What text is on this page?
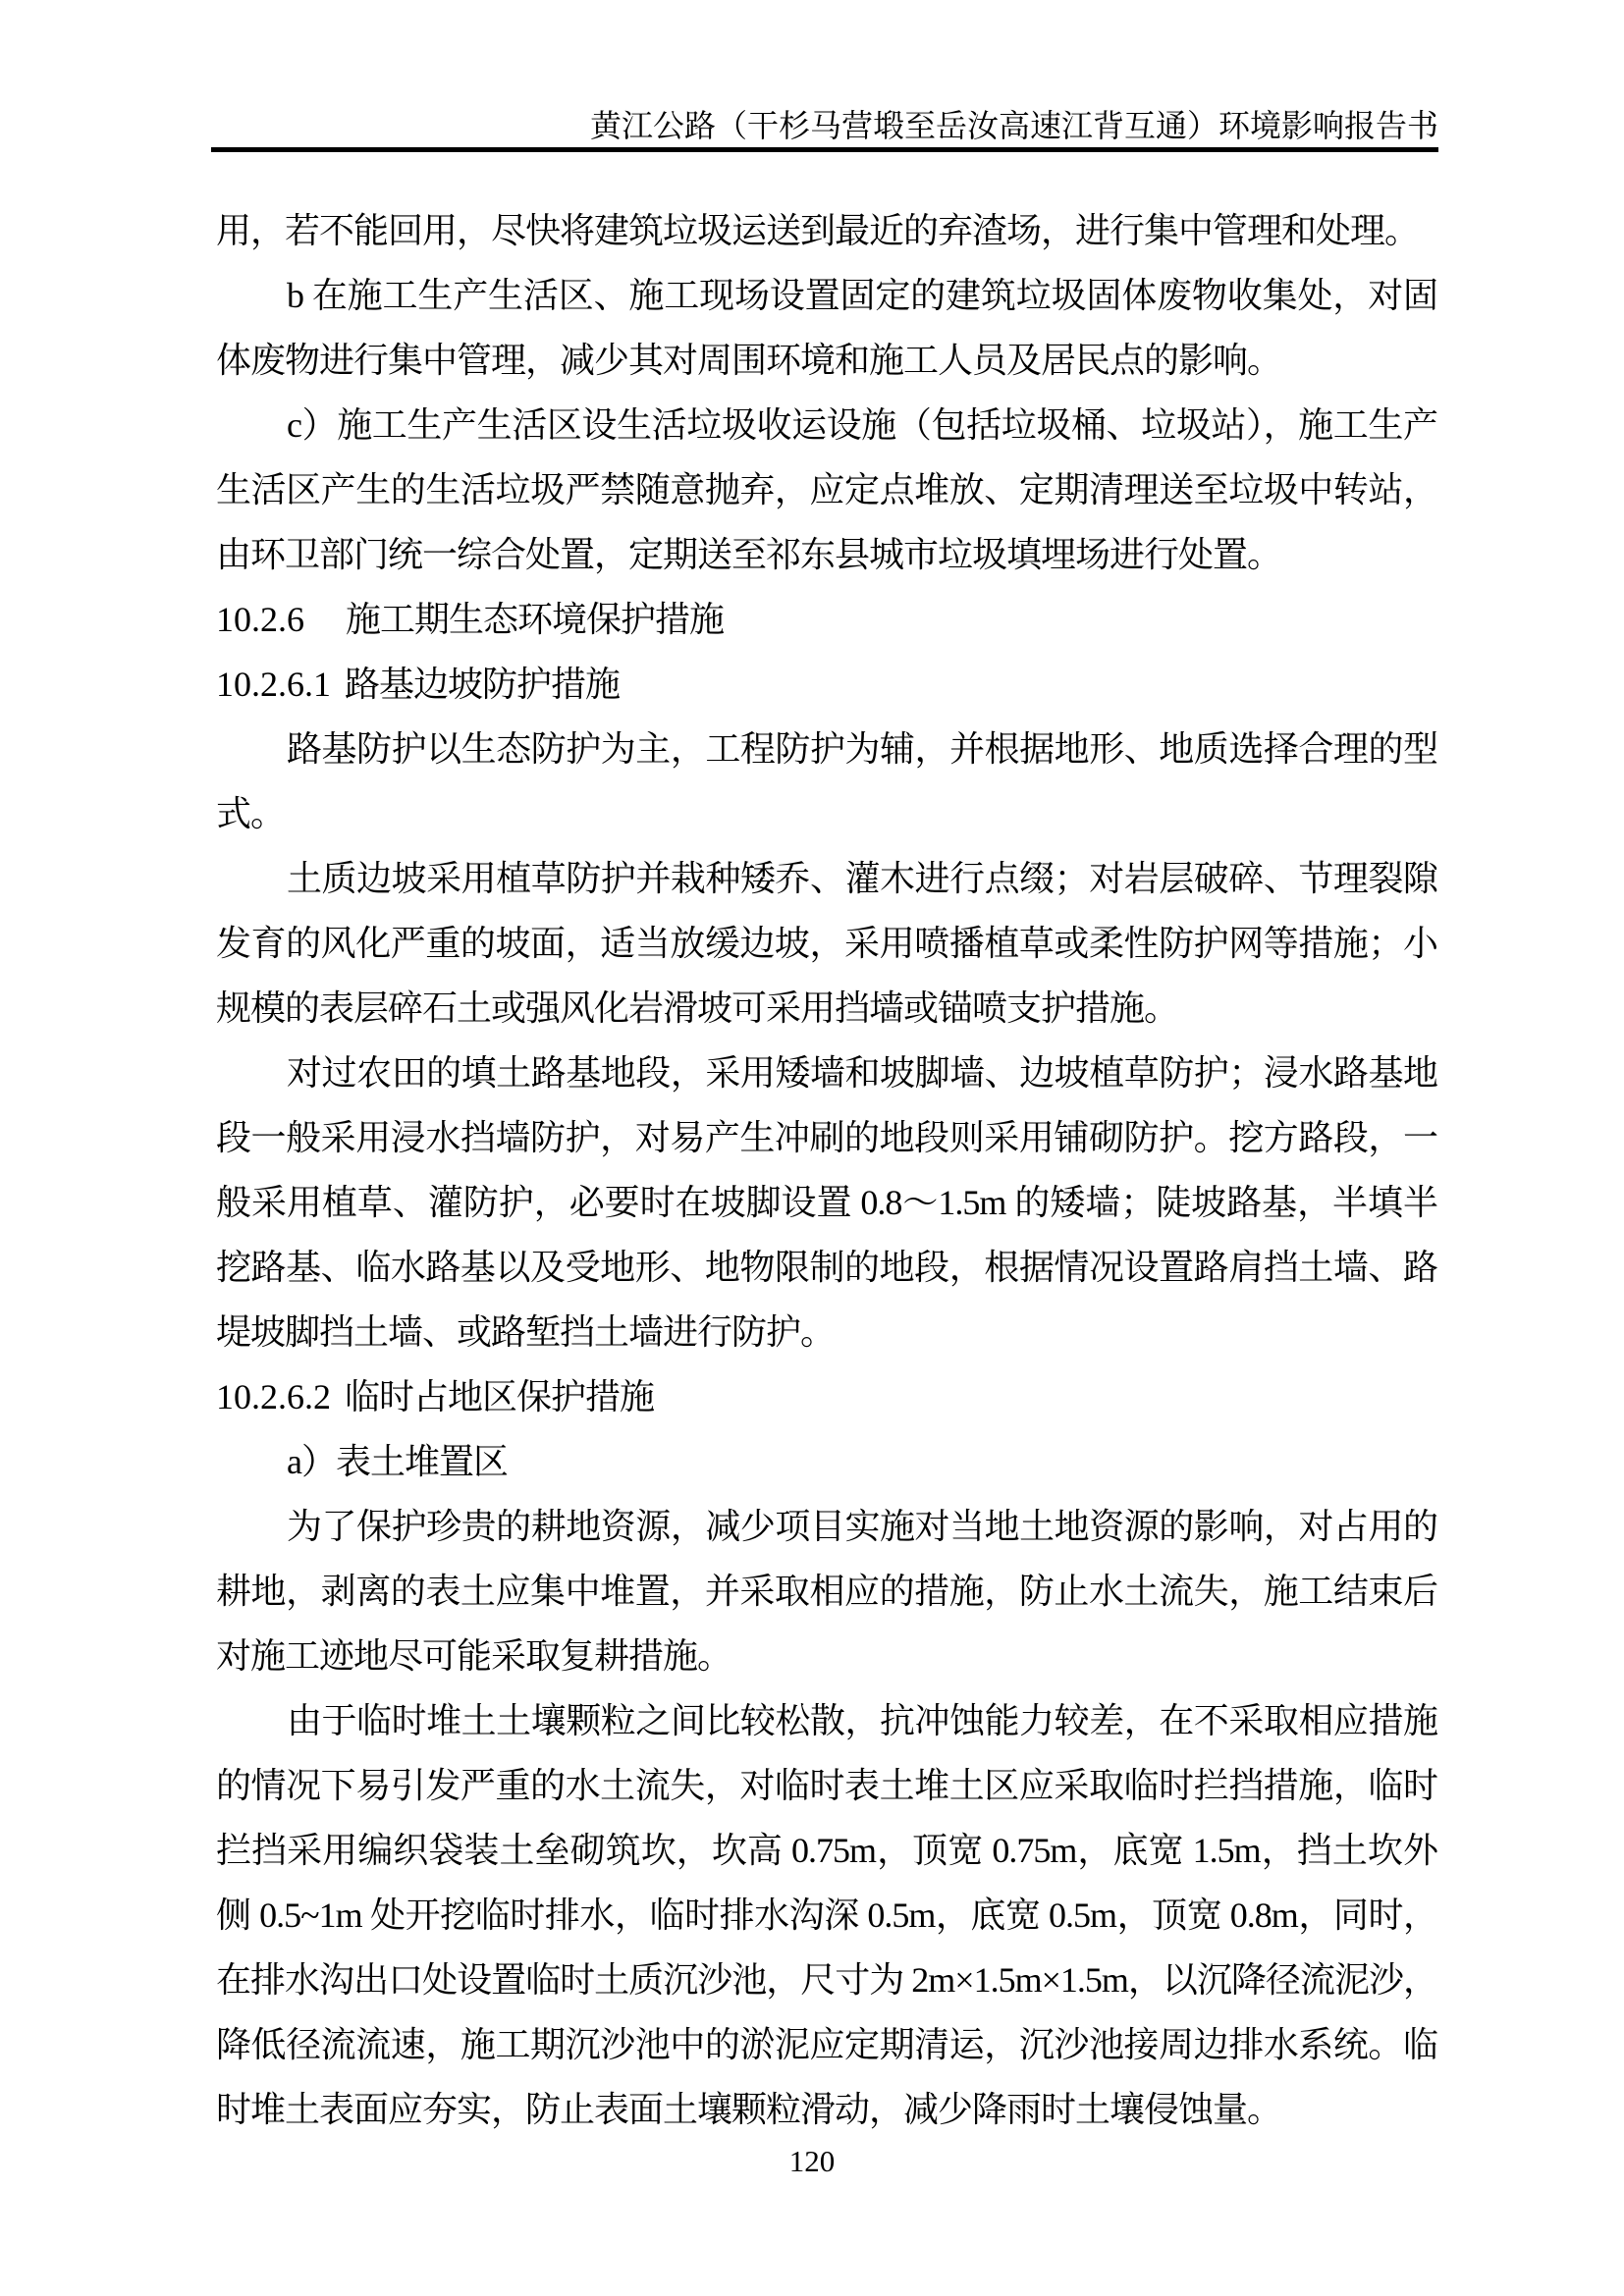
黄江公路（干杉马营塅至岳汝高速江背互通）环境影响报告书

用，若不能回用，尽快将建筑垃圾运送到最近的弃渣场，进行集中管理和处理。

b 在施工生产生活区、施工现场设置固定的建筑垃圾固体废物收集处，对固体废物进行集中管理，减少其对周围环境和施工人员及居民点的影响。

c）施工生产生活区设生活垃圾收运设施（包括垃圾桶、垃圾站），施工生产生活区产生的生活垃圾严禁随意抛弃，应定点堆放、定期清理送至垃圾中转站，由环卫部门统一综合处置，定期送至祁东县城市垃圾填埋场进行处置。

10.2.6 施工期生态环境保护措施
10.2.6.1 路基边坡防护措施

路基防护以生态防护为主，工程防护为辅，并根据地形、地质选择合理的型式。

土质边坡采用植草防护并栽种矮乔、灌木进行点缀；对岩层破碎、节理裂隙发育的风化严重的坡面，适当放缓边坡，采用喷播植草或柔性防护网等措施；小规模的表层碎石土或强风化岩滑坡可采用挡墙或锚喷支护措施。

对过农田的填土路基地段，采用矮墙和坡脚墙、边坡植草防护；浸水路基地段一般采用浸水挡墙防护，对易产生冲刷的地段则采用铺砌防护。挖方路段，一般采用植草、灌防护，必要时在坡脚设置 0.8～1.5m 的矮墙；陡坡路基，半填半挖路基、临水路基以及受地形、地物限制的地段，根据情况设置路肩挡土墙、路堤坡脚挡土墙、或路堑挡土墙进行防护。

10.2.6.2 临时占地区保护措施

a）表土堆置区

为了保护珍贵的耕地资源，减少项目实施对当地土地资源的影响，对占用的耕地，剥离的表土应集中堆置，并采取相应的措施，防止水土流失，施工结束后对施工迹地尽可能采取复耕措施。

由于临时堆土土壤颗粒之间比较松散，抗冲蚀能力较差，在不采取相应措施的情况下易引发严重的水土流失，对临时表土堆土区应采取临时拦挡措施，临时拦挡采用编织袋装土垒砌筑坎，坎高 0.75m，顶宽 0.75m，底宽 1.5m，挡土坎外侧 0.5~1m 处开挖临时排水，临时排水沟深 0.5m，底宽 0.5m，顶宽 0.8m，同时，在排水沟出口处设置临时土质沉沙池，尺寸为 2m×1.5m×1.5m，以沉降径流泥沙，降低径流流速，施工期沉沙池中的淤泥应定期清运，沉沙池接周边排水系统。临时堆土表面应夯实，防止表面土壤颗粒滑动，减少降雨时土壤侵蚀量。

120
